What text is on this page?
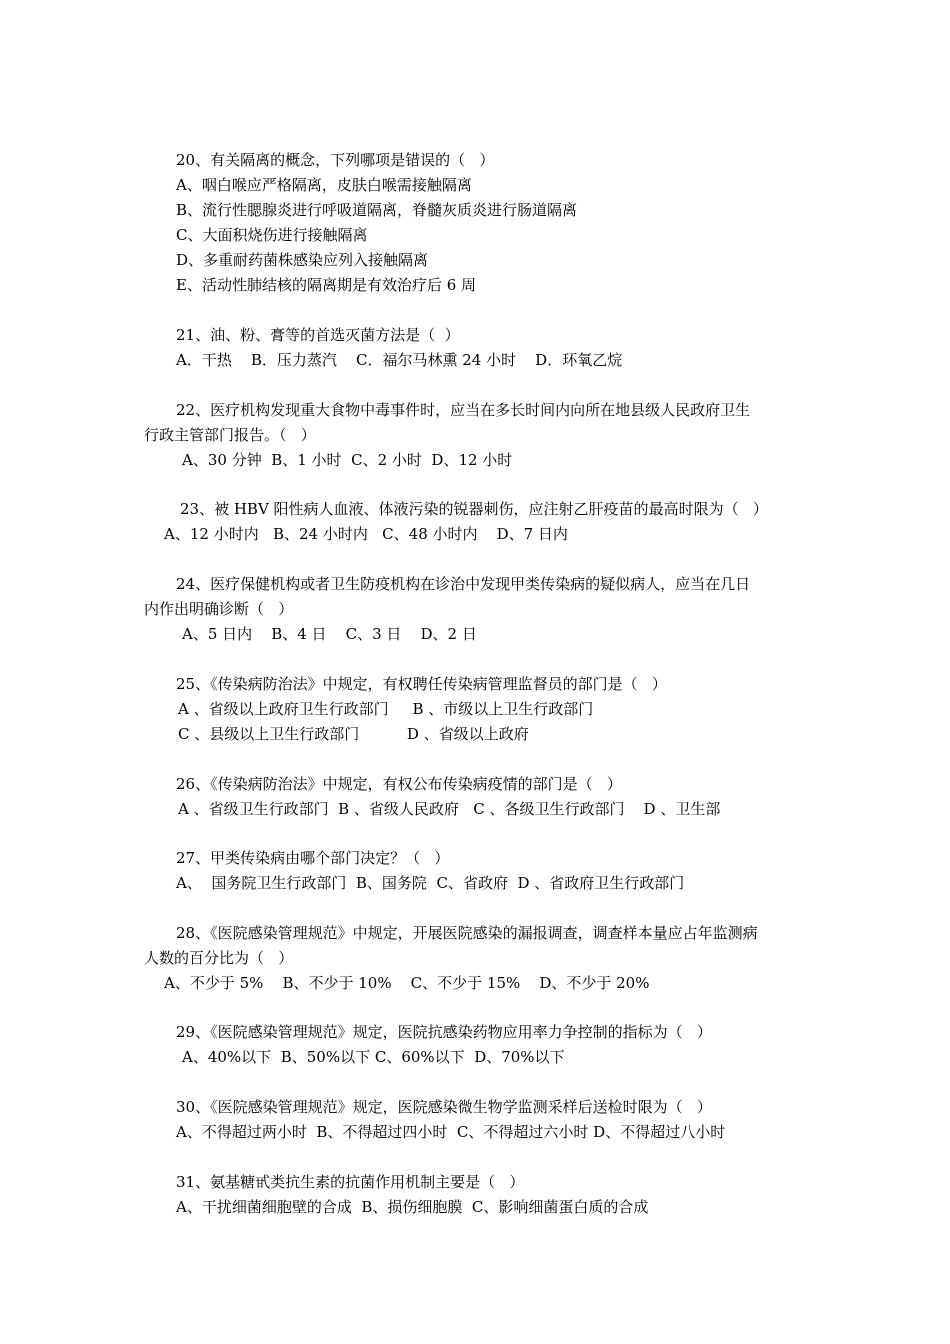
20、有关隔离的概念，下列哪项是错误的（   ）
A、咽白喉应严格隔离，皮肤白喉需接触隔离
B、流行性腮腺炎进行呼吸道隔离，脊髓灰质炎进行肠道隔离
C、大面积烧伤进行接触隔离
D、多重耐药菌株感染应列入接触隔离
E、活动性肺结核的隔离期是有效治疗后 6 周
21、油、粉、膏等的首选灭菌方法是（  ）
A．干热    B．压力蒸汽    C．福尔马林熏 24 小时    D．环氧乙烷
22、医疗机构发现重大食物中毒事件时，应当在多长时间内向所在地县级人民政府卫生
行政主管部门报告。（   ）
A、30 分钟  B、1 小时  C、2 小时  D、12 小时
23、被 HBV 阳性病人血液、体液污染的锐器刺伤，应注射乙肝疫苗的最高时限为（   ）
A、12 小时内   B、24 小时内   C、48 小时内    D、7 日内
24、医疗保健机构或者卫生防疫机构在诊治中发现甲类传染病的疑似病人，应当在几日
内作出明确诊断（   ）
A、5 日内    B、4 日    C、3 日    D、2 日
25、《传染病防治法》中规定，有权聘任传染病管理监督员的部门是（   ）
A 、省级以上政府卫生行政部门     B 、市级以上卫生行政部门
C 、县级以上卫生行政部门          D 、省级以上政府
26、《传染病防治法》中规定，有权公布传染病疫情的部门是（   ）
A 、省级卫生行政部门  B 、省级人民政府   C 、各级卫生行政部门    D 、卫生部
27、甲类传染病由哪个部门决定？（   ）
A、  国务院卫生行政部门  B、国务院  C、省政府  D 、省政府卫生行政部门
28、《医院感染管理规范》中规定，开展医院感染的漏报调查，调查样本量应占年监测病
人数的百分比为（   ）
A、不少于 5%    B、不少于 10%    C、不少于 15%    D、不少于 20%
29、《医院感染管理规范》规定，医院抗感染药物应用率力争控制的指标为（   ）
A、40%以下  B、50%以下 C、60%以下  D、70%以下
30、《医院感染管理规范》规定，医院感染微生物学监测采样后送检时限为（   ）
A、不得超过两小时  B、不得超过四小时  C、不得超过六小时 D、不得超过八小时
31、氨基糖甙类抗生素的抗菌作用机制主要是（   ）
A、干扰细菌细胞壁的合成  B、损伤细胞膜  C、影响细菌蛋白质的合成
